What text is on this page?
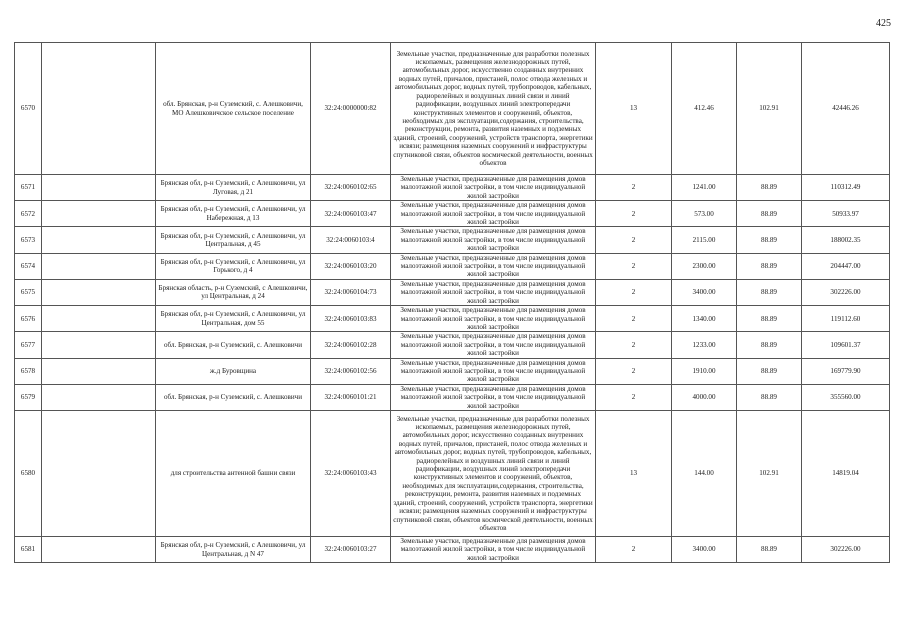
425
6570		обл. Брянская, р-н Суземский, с. Алешковичи, МО Алешковичское сельское поселение	32:24:0000000:82	Земельные участки, предназначенные для разработки полезных ископаемых, размещения железнодорожных путей, автомобильных дорог, искусственно созданных внутренних водных путей, причалов, пристаней, полос отвода железных и автомобильных дорог, водных путей, трубопроводов, кабельных, радиорелейных и воздушных линий связи и линий радиофикации, воздушных линий электропередачи конструктивных элементов и сооружений, объектов, необходимых для эксплуатации,содержания, строительства, реконструкции, ремонта, развития наземных и подземных зданий, строений, сооружений, устройств транспорта, энергетики исвязи; размещения наземных сооружений и инфраструктуры спутниковой связи, объектов космической деятельности, военных объектов	13	412.46	102.91	42446.26
6571		Брянская обл, р-н Суземский, с Алешковичи, ул Луговая, д 21	32:24:0060102:65	Земельные участки, предназначенные для размещения домов малоэтажной жилой застройки, в том числе индивидуальной жилой застройки	2	1241.00	88.89	110312.49
6572		Брянская обл, р-н Суземский, с Алешковичи, ул Набережная, д 13	32:24:0060103:47	Земельные участки, предназначенные для размещения домов малоэтажной жилой застройки, в том числе индивидуальной жилой застройки	2	573.00	88.89	50933.97
6573		Брянская обл, р-н Суземский, с Алешковичи, ул Центральная, д 45	32:24:0060103:4	Земельные участки, предназначенные для размещения домов малоэтажной жилой застройки, в том числе индивидуальной жилой застройки	2	2115.00	88.89	188002.35
6574		Брянская обл, р-н Суземский, с Алешковичи, ул Горького, д 4	32:24:0060103:20	Земельные участки, предназначенные для размещения домов малоэтажной жилой застройки, в том числе индивидуальной жилой застройки	2	2300.00	88.89	204447.00
6575		Брянская область, р-н Суземский, с Алешковичи, ул Центральная, д 24	32:24:0060104:73	Земельные участки, предназначенные для размещения домов малоэтажной жилой застройки, в том числе индивидуальной жилой застройки	2	3400.00	88.89	302226.00
6576		Брянская обл, р-н Суземский, с Алешковичи, ул Центральная, дом 55	32:24:0060103:83	Земельные участки, предназначенные для размещения домов малоэтажной жилой застройки, в том числе индивидуальной жилой застройки	2	1340.00	88.89	119112.60
6577		обл. Брянская, р-н Суземский, с. Алешковичи	32:24:0060102:28	Земельные участки, предназначенные для размещения домов малоэтажной жилой застройки, в том числе индивидуальной жилой застройки	2	1233.00	88.89	109601.37
6578		ж.д Буровщина	32:24:0060102:56	Земельные участки, предназначенные для размещения домов малоэтажной жилой застройки, в том числе индивидуальной жилой застройки	2	1910.00	88.89	169779.90
6579		обл. Брянская, р-н Суземский, с. Алешковичи	32:24:0060101:21	Земельные участки, предназначенные для размещения домов малоэтажной жилой застройки, в том числе индивидуальной жилой застройки	2	4000.00	88.89	355560.00
6580		для строительства антенной башни связи	32:24:0060103:43	Земельные участки, предназначенные для разработки полезных ископаемых, размещения железнодорожных путей, автомобильных дорог, искусственно созданных внутренних водных путей, причалов, пристаней, полос отвода железных и автомобильных дорог, водных путей, трубопроводов, кабельных, радиорелейных и воздушных линий связи и линий радиофикации, воздушных линий электропередачи конструктивных элементов и сооружений, объектов, необходимых для эксплуатации,содержания, строительства, реконструкции, ремонта, развития наземных и подземных зданий, строений, сооружений, устройств транспорта, энергетики исвязи; размещения наземных сооружений и инфраструктуры спутниковой связи, объектов космической деятельности, военных объектов	13	144.00	102.91	14819.04
6581		Брянская обл, р-н Суземский, с Алешковичи, ул Центральная, д N 47	32:24:0060103:27	Земельные участки, предназначенные для размещения домов малоэтажной жилой застройки, в том числе индивидуальной жилой застройки	2	3400.00	88.89	302226.00
